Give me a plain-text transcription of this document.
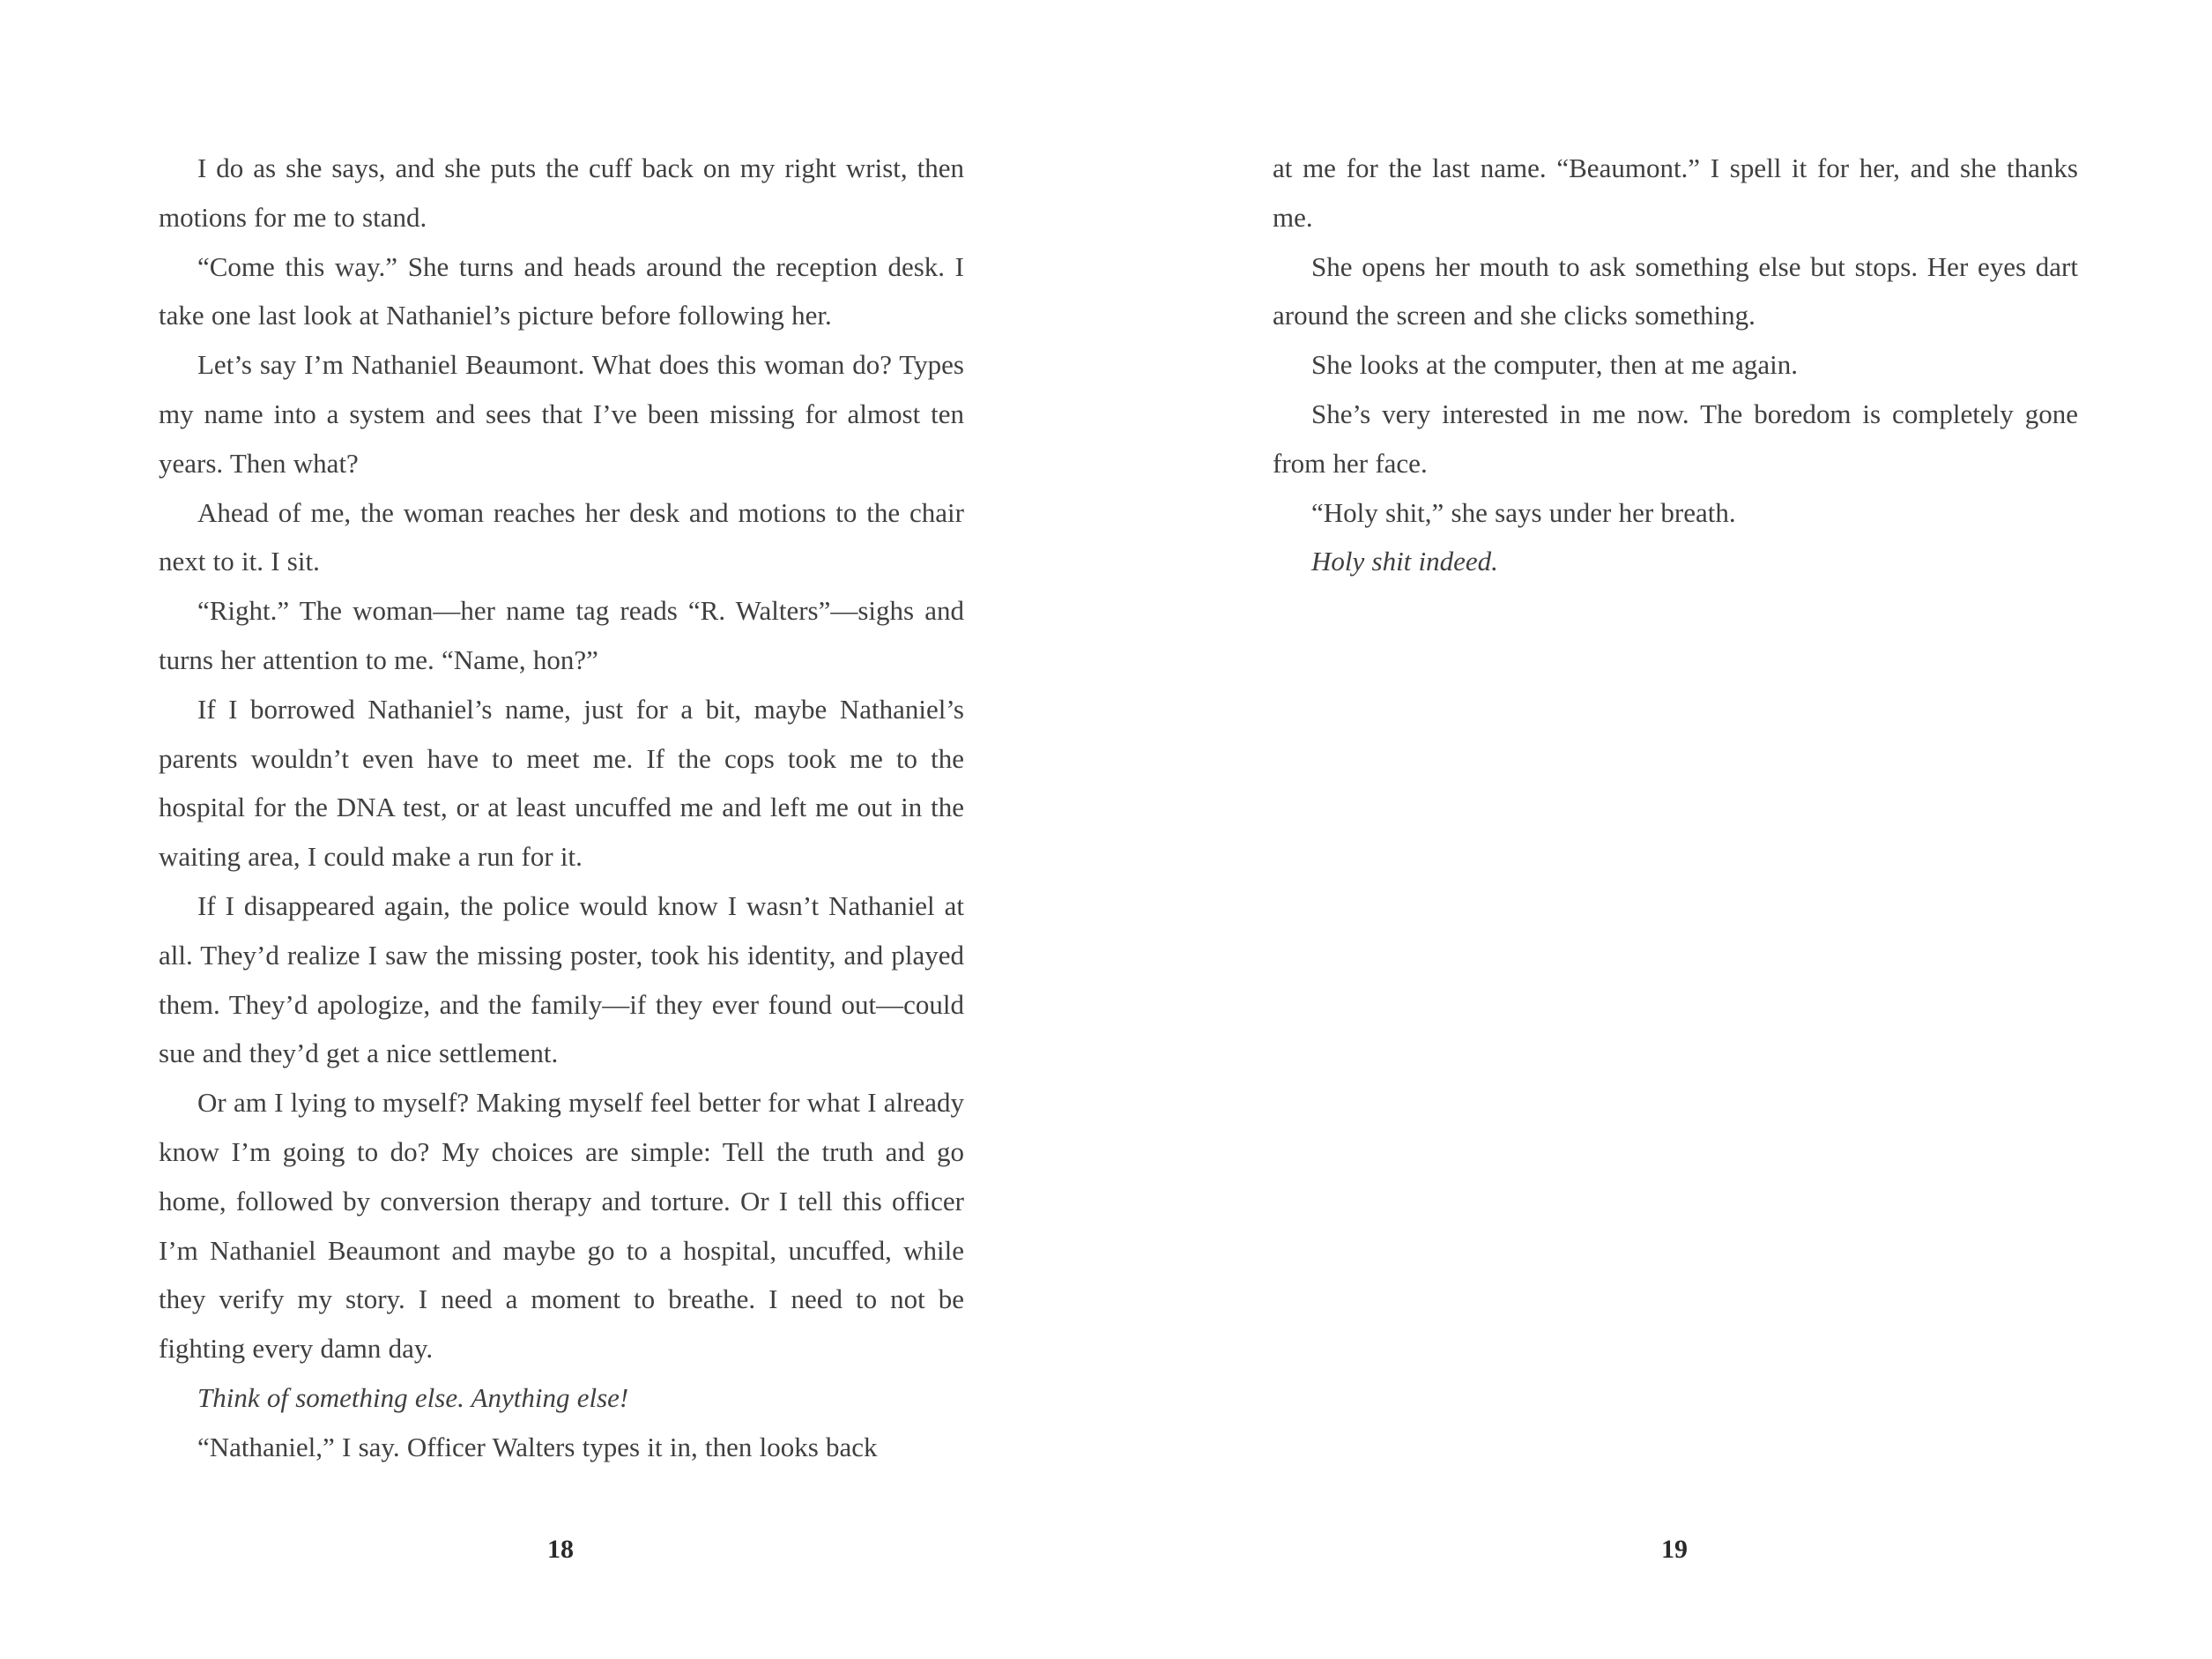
I do as she says, and she puts the cuff back on my right wrist, then motions for me to stand.

“Come this way.” She turns and heads around the reception desk. I take one last look at Nathaniel’s picture before following her.

Let’s say I’m Nathaniel Beaumont. What does this woman do? Types my name into a system and sees that I’ve been missing for almost ten years. Then what?

Ahead of me, the woman reaches her desk and motions to the chair next to it. I sit.

“Right.” The woman—her name tag reads “R. Walters”—sighs and turns her attention to me. “Name, hon?”

If I borrowed Nathaniel’s name, just for a bit, maybe Nathaniel’s parents wouldn’t even have to meet me. If the cops took me to the hospital for the DNA test, or at least uncuffed me and left me out in the waiting area, I could make a run for it.

If I disappeared again, the police would know I wasn’t Nathaniel at all. They’d realize I saw the missing poster, took his identity, and played them. They’d apologize, and the family—if they ever found out—could sue and they’d get a nice settlement.

Or am I lying to myself? Making myself feel better for what I already know I’m going to do? My choices are simple: Tell the truth and go home, followed by conversion therapy and torture. Or I tell this officer I’m Nathaniel Beaumont and maybe go to a hospital, uncuffed, while they verify my story. I need a moment to breathe. I need to not be fighting every damn day.

Think of something else. Anything else!

“Nathaniel,” I say. Officer Walters types it in, then looks back

18

at me for the last name. “Beaumont.” I spell it for her, and she thanks me.

She opens her mouth to ask something else but stops. Her eyes dart around the screen and she clicks something.

She looks at the computer, then at me again.

She’s very interested in me now. The boredom is completely gone from her face.

“Holy shit,” she says under her breath.

Holy shit indeed.

19
